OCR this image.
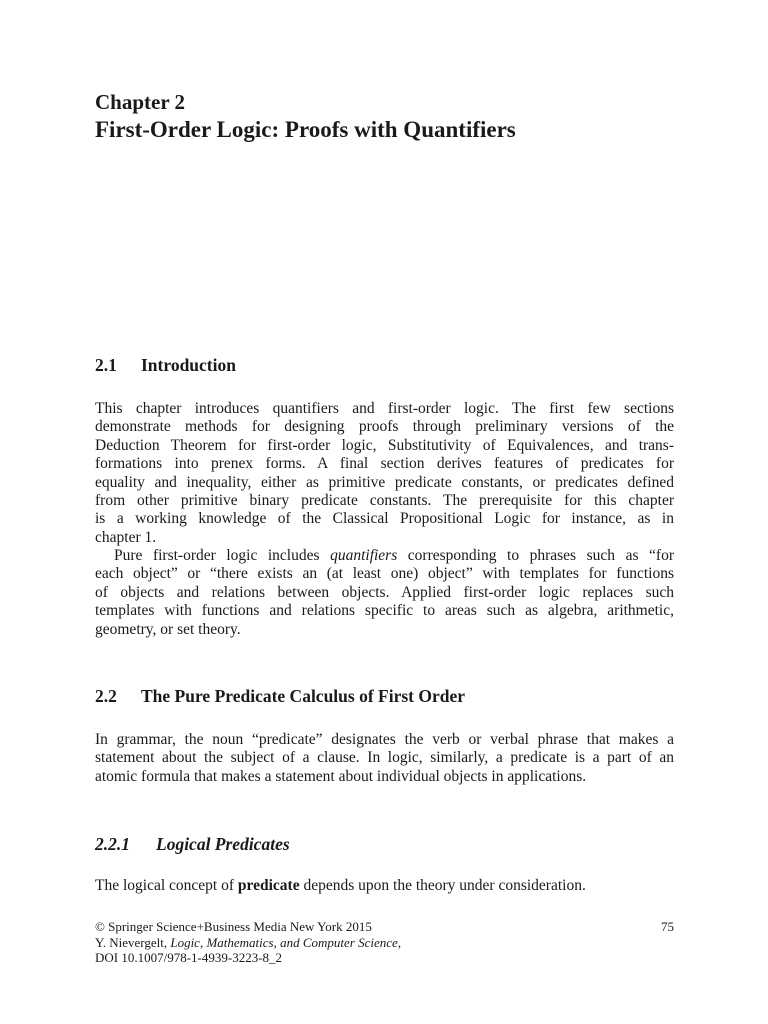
Chapter 2
First-Order Logic: Proofs with Quantifiers
2.1 Introduction
This chapter introduces quantifiers and first-order logic. The first few sections
demonstrate methods for designing proofs through preliminary versions of the
Deduction Theorem for first-order logic, Substitutivity of Equivalences, and trans-
formations into prenex forms. A final section derives features of predicates for
equality and inequality, either as primitive predicate constants, or predicates defined
from other primitive binary predicate constants. The prerequisite for this chapter
is a working knowledge of the Classical Propositional Logic for instance, as in
chapter 1.
Pure first-order logic includes quantifiers corresponding to phrases such as “for
each object” or “there exists an (at least one) object” with templates for functions
of objects and relations between objects. Applied first-order logic replaces such
templates with functions and relations specific to areas such as algebra, arithmetic,
geometry, or set theory.
2.2 The Pure Predicate Calculus of First Order
In grammar, the noun “predicate” designates the verb or verbal phrase that makes a
statement about the subject of a clause. In logic, similarly, a predicate is a part of an
atomic formula that makes a statement about individual objects in applications.
2.2.1 Logical Predicates
The logical concept of predicate depends upon the theory under consideration.
© Springer Science+Business Media New York 2015	75
Y. Nievergelt, Logic, Mathematics, and Computer Science,
DOI 10.1007/978-1-4939-3223-8_2
